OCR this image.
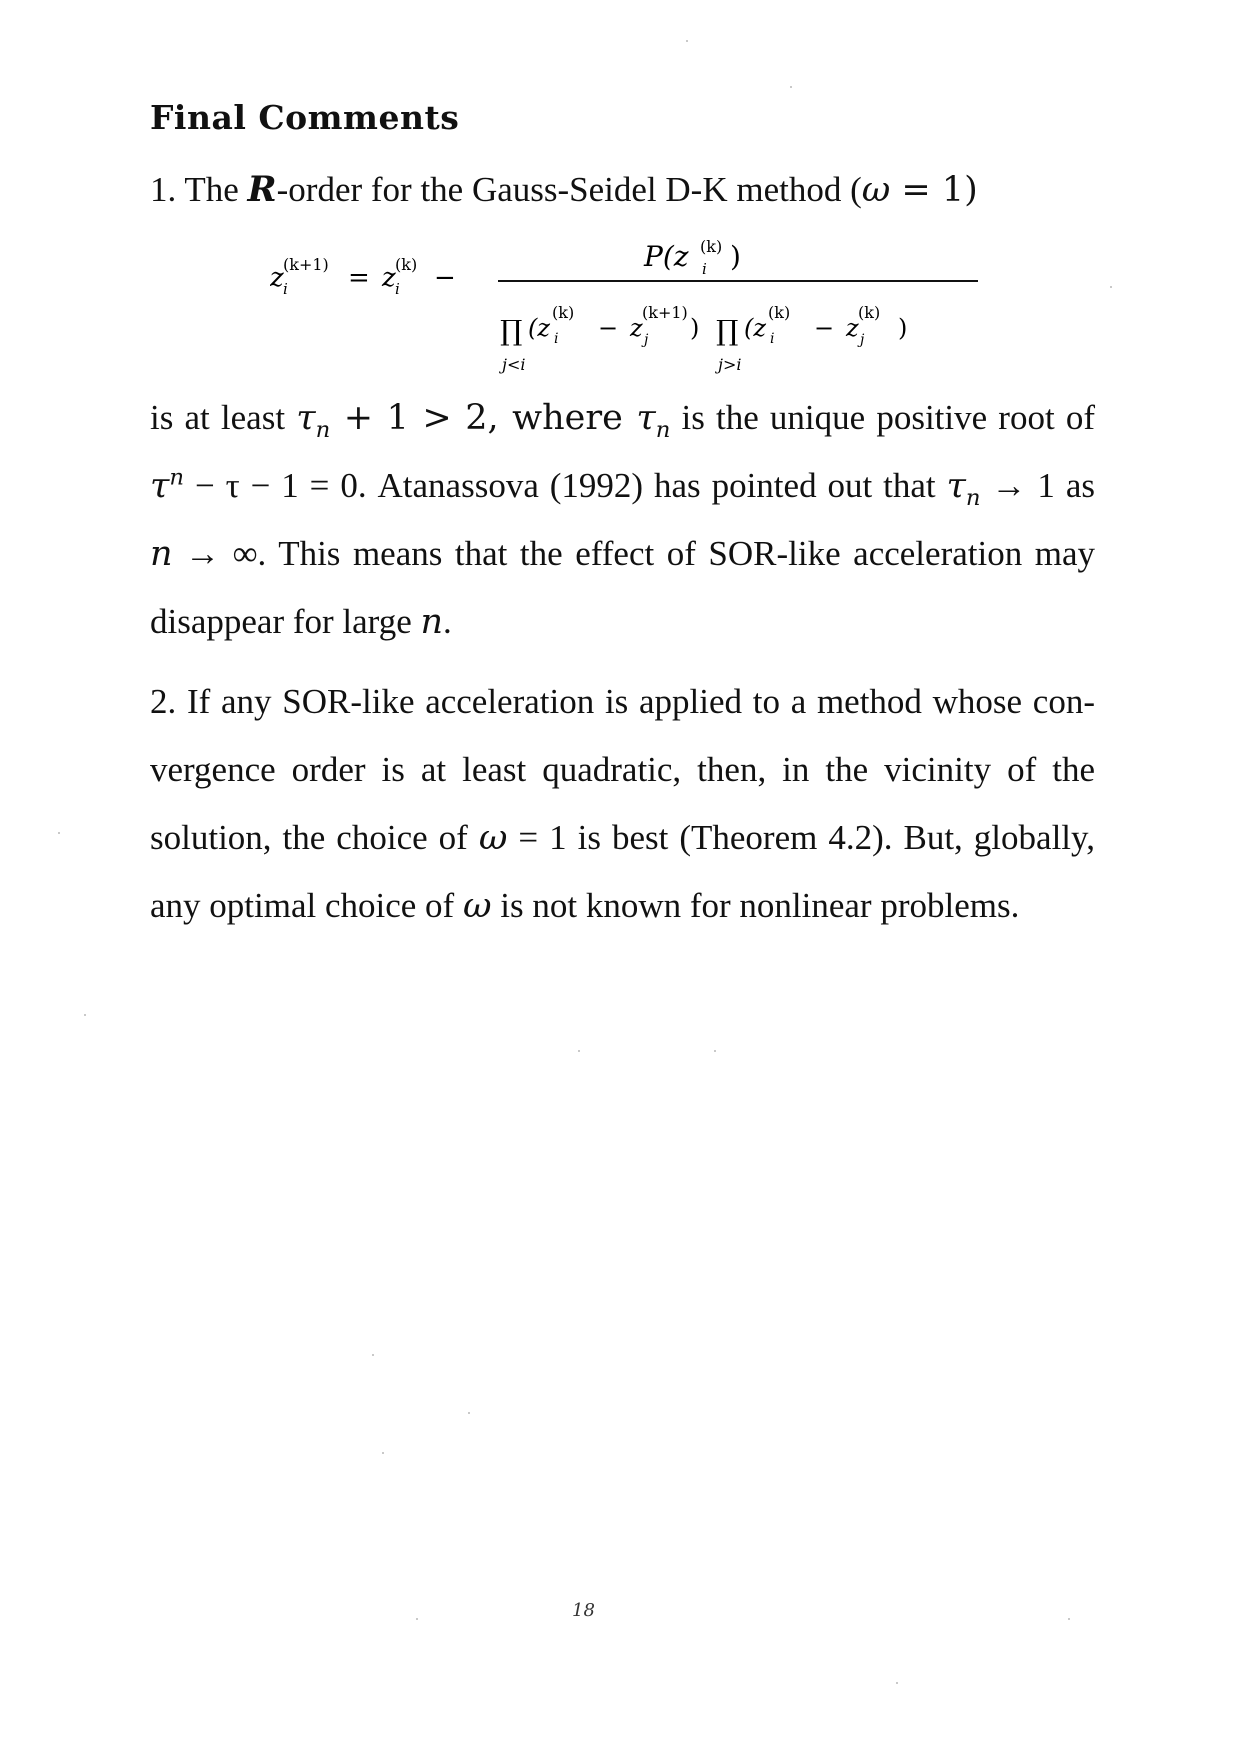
Final Comments
1. The R-order for the Gauss-Seidel D-K method (ω = 1)
z i
(k+1) = z i
(k) −
P(z (k)
i )
∏
j<i
(z
(k)
i − z
(k+1)
j ) ∏
j>i
(z
(k)
i − z
(k)
j )
is at least $\tau_n + 1 > 2$, where $\tau_n$ is the unique positive root of
$\tau^n - \tau - 1 = 0$. Atanassova (1992) has pointed out that $\tau_n \to 1$ as
n → ∞. This means that the effect of SOR-like acceleration may
disappear for large n.
2. If any SOR-like acceleration is applied to a method whose con-
vergence order is at least quadratic, then, in the vicinity of the
solution, the choice of ω = 1 is best (Theorem 4.2). But, globally,
any optimal choice of ω is not known for nonlinear problems.
18
